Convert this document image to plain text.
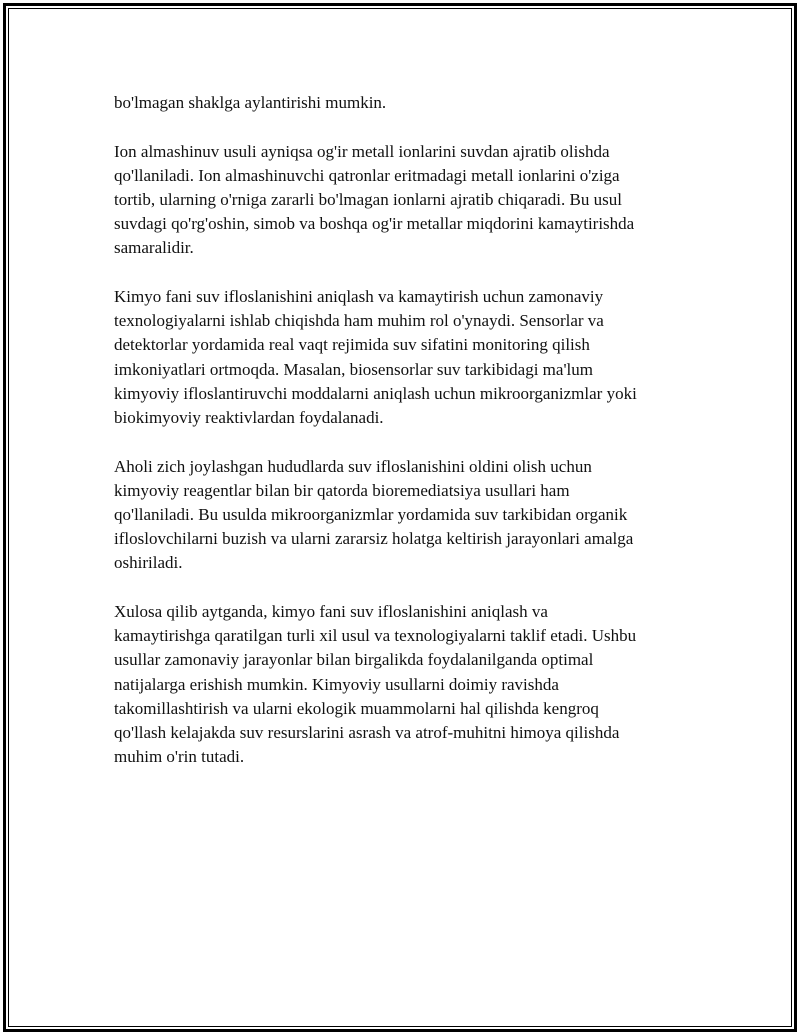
bo'lmagan shaklga aylantirishi mumkin.

Ion almashinuv usuli ayniqsa og'ir metall ionlarini suvdan ajratib olishda
qo'llaniladi. Ion almashinuvchi qatronlar eritmadagi metall ionlarini o'ziga
tortib, ularning o'rniga zararli bo'lmagan ionlarni ajratib chiqaradi. Bu usul
suvdagi qo'rg'oshin, simob va boshqa og'ir metallar miqdorini kamaytirishda
samaralidir.

Kimyo fani suv ifloslanishini aniqlash va kamaytirish uchun zamonaviy
texnologiyalarni ishlab chiqishda ham muhim rol o'ynaydi. Sensorlar va
detektorlar yordamida real vaqt rejimida suv sifatini monitoring qilish
imkoniyatlari ortmoqda. Masalan, biosensorlar suv tarkibidagi ma'lum
kimyoviy ifloslantiruvchi moddalarni aniqlash uchun mikroorganizmlar yoki
biokimyoviy reaktivlardan foydalanadi.

Aholi zich joylashgan hududlarda suv ifloslanishini oldini olish uchun
kimyoviy reagentlar bilan bir qatorda bioremediatsiya usullari ham
qo'llaniladi. Bu usulda mikroorganizmlar yordamida suv tarkibidan organik
ifloslovchilarni buzish va ularni zararsiz holatga keltirish jarayonlari amalga
oshiriladi.

Xulosa qilib aytganda, kimyo fani suv ifloslanishini aniqlash va
kamaytirishga qaratilgan turli xil usul va texnologiyalarni taklif etadi. Ushbu
usullar zamonaviy jarayonlar bilan birgalikda foydalanilganda optimal
natijalarga erishish mumkin. Kimyoviy usullarni doimiy ravishda
takomillashtirish va ularni ekologik muammolarni hal qilishda kengroq
qo'llash kelajakda suv resurslarini asrash va atrof-muhitni himoya qilishda
muhim o'rin tutadi.
